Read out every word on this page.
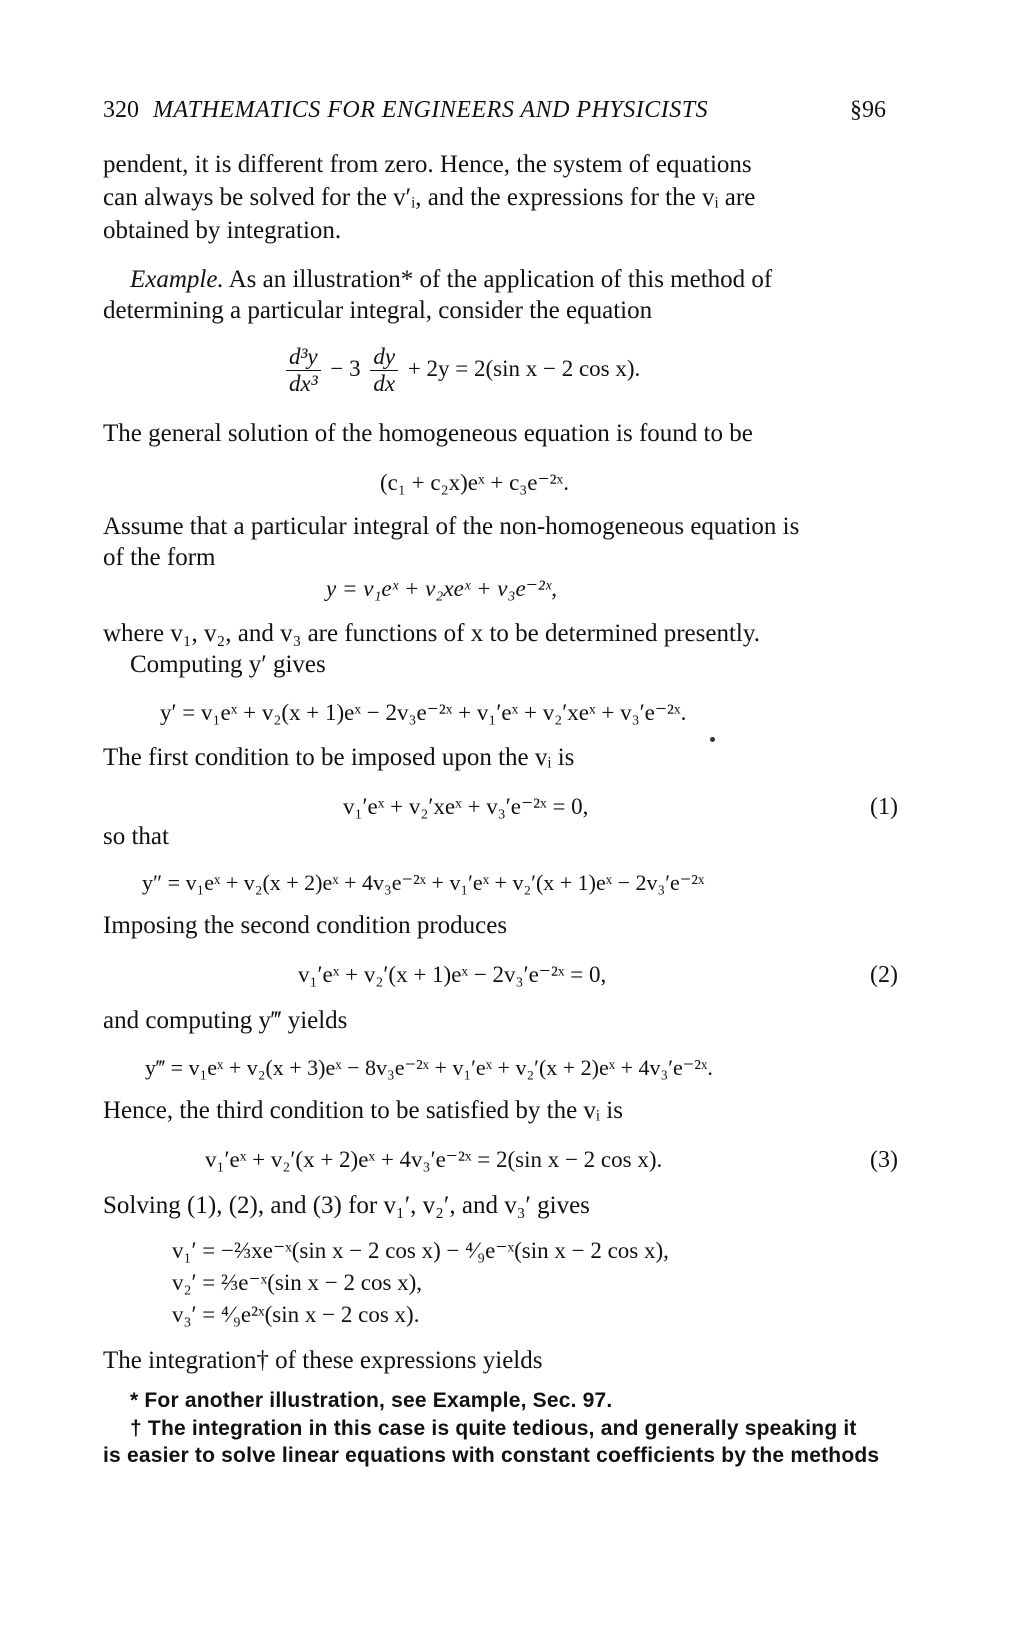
320 MATHEMATICS FOR ENGINEERS AND PHYSICISTS	§96
pendent, it is different from zero. Hence, the system of equations
can always be solved for the v′ᵢ, and the expressions for the vᵢ are
obtained by integration.
Example. As an illustration* of the application of this method of
determining a particular integral, consider the equation
$\frac{\text{d³y}}{\text{dx³}} - 3 \frac{dy}{dx} + 2y = 2(\sin$ x − 2 cos x).
The general solution of the homogeneous equation is found to be
(c₁ + c₂x)eˣ + c₃e⁻²ˣ.
Assume that a particular integral of the non-homogeneous equation is
of the form
y = v₁eˣ + v₂xeˣ + v₃e⁻²ˣ,
where v₁, v₂, and v₃ are functions of x to be determined presently.
Computing y′ gives
y′ = v₁eˣ + v₂(x + 1)eˣ − 2v₃e⁻²ˣ + v₁′eˣ + v₂′xeˣ + v₃′e⁻²ˣ.
The first condition to be imposed upon the vᵢ is
v₁′eˣ + v₂′xeˣ + v₃′e⁻²ˣ = 0,	(1)
so that
y″ = v₁eˣ + v₂(x + 2)eˣ + 4v₃e⁻²ˣ + v₁′eˣ + v₂′(x + 1)eˣ − 2v₃′e⁻²ˣ
Imposing the second condition produces
v₁′eˣ + v₂′(x + 1)eˣ − 2v₃′e⁻²ˣ = 0,	(2)
and computing y‴ yields
y‴ = v₁eˣ + v₂(x + 3)eˣ − 8v₃e⁻²ˣ + v₁′eˣ + v₂′(x + 2)eˣ + 4v₃′e⁻²ˣ.
Hence, the third condition to be satisfied by the vᵢ is
v₁′eˣ + v₂′(x + 2)eˣ + 4v₃′e⁻²ˣ = 2(sin x − 2 cos x).	(3)
Solving (1), (2), and (3) for v₁′, v₂′, and v₃′ gives
v₁′ = −⅔xe⁻ˣ(sin x − 2 cos x) − ⁴⁄₉e⁻ˣ(sin x − 2 cos x),
v₂′ = ⅔e⁻ˣ(sin x − 2 cos x),
v₃′ = ⁴⁄₉e²ˣ(sin x − 2 cos x).
The integration† of these expressions yields
* For another illustration, see Example, Sec. 97.
† The integration in this case is quite tedious, and generally speaking it
is easier to solve linear equations with constant coefficients by the methods
